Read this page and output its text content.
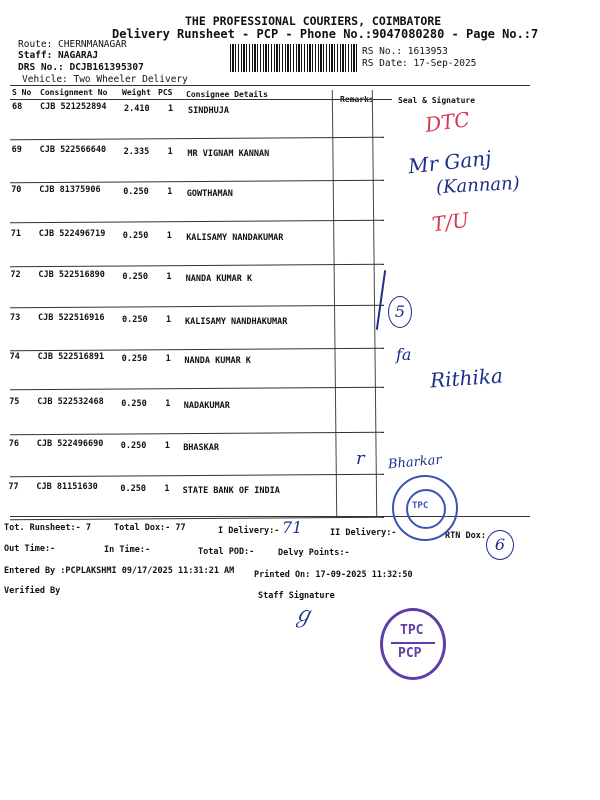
THE PROFESSIONAL COURIERS, COIMBATORE
Delivery Runsheet - PCP - Phone No.:9047080280 - Page No.:7
Route: CHERNMANAGAR
Staff: NAGARAJ
DRS No.: DCJB161395307
Vehicle: Two Wheeler Delivery
RS No.: 1613953
RS Date: 17-Sep-2025
S No Consignment No Weight PCS Consignee Details
Seal & Signature
68 CJB 521252894 2.410 1 SINDHUJA
69 CJB 522566640 2.335 1 MR VIGNAM KANNAN
70 CJB 81375906	0.250 1 GOWTHAMAN
71 CJB 522496719 0.250 1 KALISAMY NANDAKUMAR
72 CJB 522516890 0.250 1 NANDA KUMAR K
73 CJB 522516916 0.250 1 KALISAMY NANDHAKUMAR
74 CJB 522516891 0.250 1 NANDA KUMAR K
75 CJB 522532468 0.250 1 NADAKUMAR
76 CJB 522496690 0.250 1 BHASKAR
77 CJB 81151630	0.250 1 STATE BANK OF INDIA
Tot. Runsheet:- 7	Total Dox:- 77	I Delivery:-	II Delivery:-	RTN Dox:
Out Time:-	In Time:-	Total POD:-	Delvy Points:-
Entered By :PCPLAKSHMI 09/17/2025 11:31:21 AM Printed On: 17-09-2025 11:32:50
Verified By	Staff Signature
DTC
Mr Ganj
(Kannan)
T/U
5
fa
Rithika
Bharkar
r
71
6
ℊ
TPC
TPC
PCP
